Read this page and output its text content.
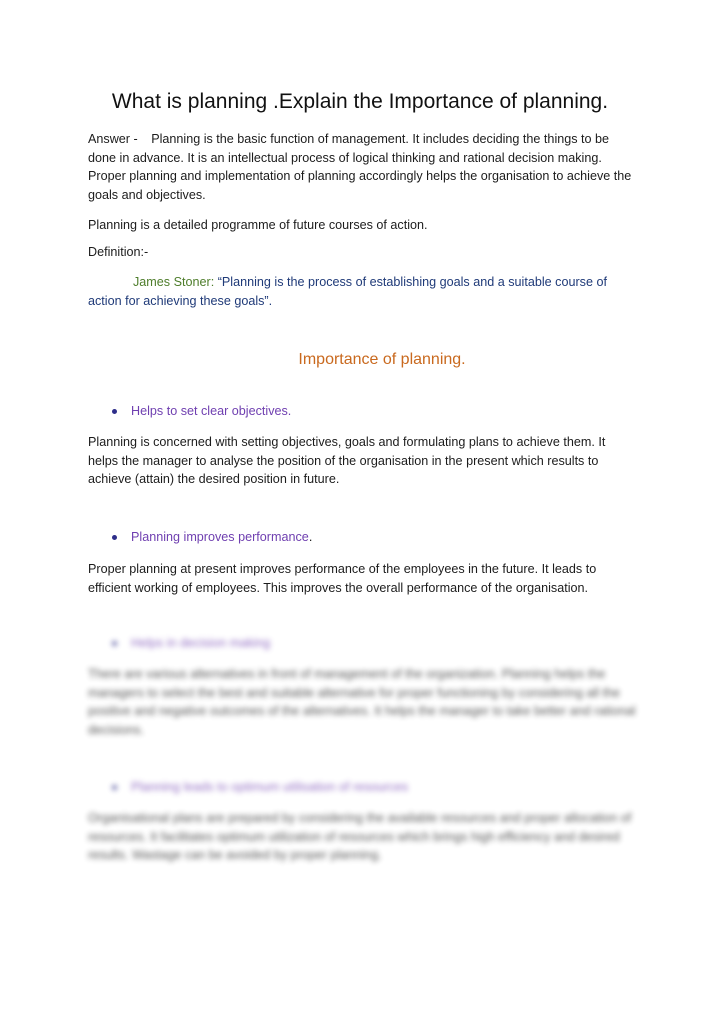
What is planning .Explain the Importance of planning.

Answer - Planning is the basic function of management. It includes deciding the things to be done in advance. It is an intellectual process of logical thinking and rational decision making. Proper planning and implementation of planning accordingly helps the organisation to achieve the goals and objectives.

Planning is a detailed programme of future courses of action.

Definition:-

James Stoner: “Planning is the process of establishing goals and a suitable course of action for achieving these goals”.

Importance of planning.
Helps to set clear objectives.

Planning is concerned with setting objectives, goals and formulating plans to achieve them. It helps the manager to analyse the position of the organisation in the present which results to achieve (attain) the desired position in future.

Planning improves performance .

Proper planning at present improves performance of the employees in the future. It leads to efficient working of employees. This improves the overall performance of the organisation.

Helps in decision making

There are various alternatives in front of management of the organization. Planning helps the managers to select the best and suitable alternative for proper functioning by considering all the positive and negative outcomes of the alternatives. It helps the manager to take better and rational decisions.

Planning leads to optimum utilisation of resources

Organisational plans are prepared by considering the available resources and proper allocation of resources. It facilitates optimum utilization of resources which brings high efficiency and desired results. Wastage can be avoided by proper planning.
